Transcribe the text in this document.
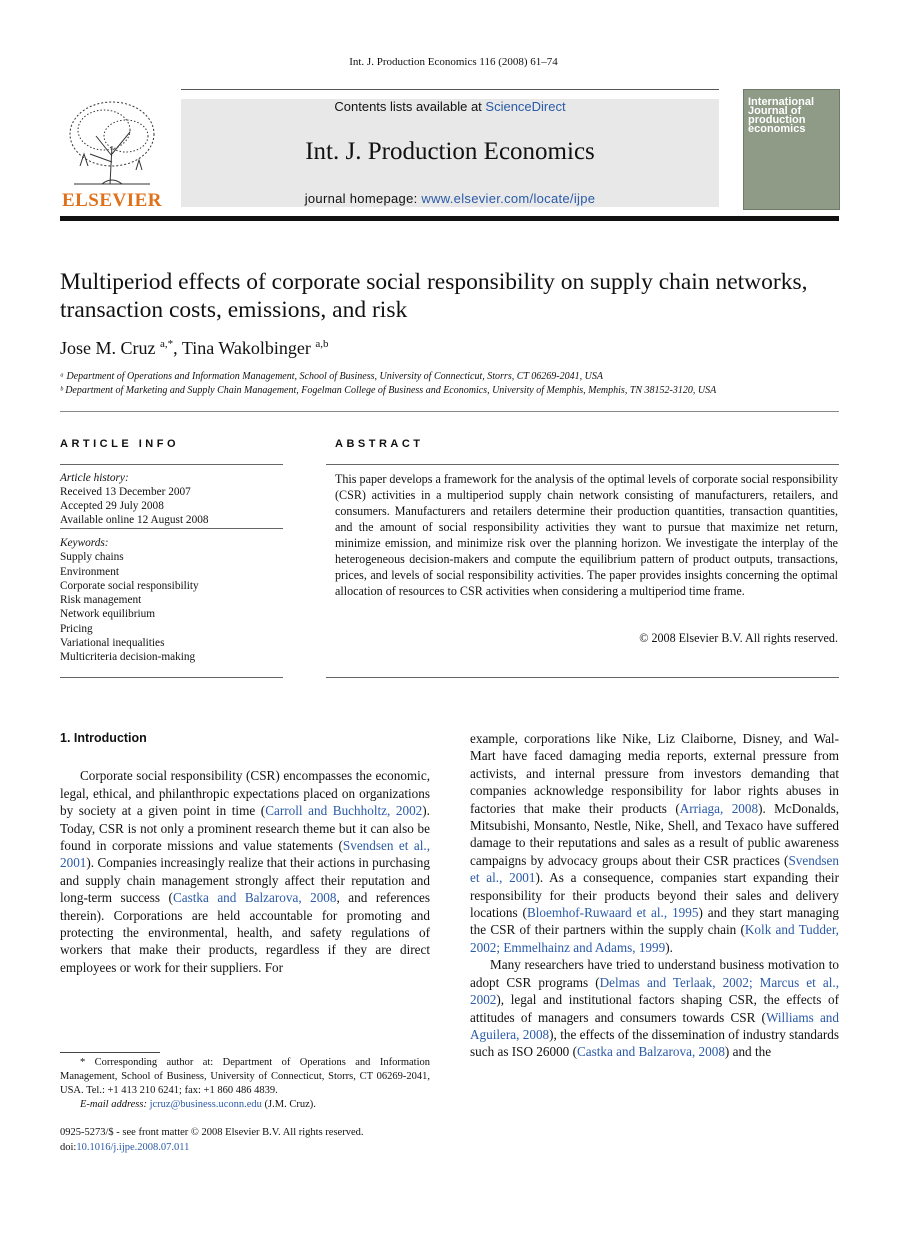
Int. J. Production Economics 116 (2008) 61–74
ELSEVIER
Contents lists available at ScienceDirect
Int. J. Production Economics
journal homepage: www.elsevier.com/locate/ijpe
International Journal of production economics
Multiperiod effects of corporate social responsibility on supply chain networks, transaction costs, emissions, and risk
Jose M. Cruz $^{a,*}$, Tina Wakolbinger $^{a,b}$
ᵃ Department of Operations and Information Management, School of Business, University of Connecticut, Storrs, CT 06269-2041, USA
ᵇ Department of Marketing and Supply Chain Management, Fogelman College of Business and Economics, University of Memphis, Memphis, TN 38152-3120, USA
ARTICLE INFO	ABSTRACT
Article history:
Received 13 December 2007
Accepted 29 July 2008
Available online 12 August 2008
Keywords:
Supply chains
Environment
Corporate social responsibility
Risk management
Network equilibrium
Pricing
Variational inequalities
Multicriteria decision-making
This paper develops a framework for the analysis of the optimal levels of corporate social responsibility (CSR) activities in a multiperiod supply chain network consisting of manufacturers, retailers, and consumers. Manufacturers and retailers determine their production quantities, transaction quantities, and the amount of social responsibility activities they want to pursue that maximize net return, minimize emission, and minimize risk over the planning horizon. We investigate the interplay of the heterogeneous decision-makers and compute the equilibrium pattern of product outputs, transactions, prices, and levels of social responsibility activities. The paper provides insights concerning the optimal allocation of resources to CSR activities when considering a multiperiod time frame.
© 2008 Elsevier B.V. All rights reserved.
1. Introduction

Corporate social responsibility (CSR) encompasses the economic, legal, ethical, and philanthropic expectations placed on organizations by society at a given point in time (Carroll and Buchholtz, 2002). Today, CSR is not only a prominent research theme but it can also be found in corporate missions and value statements (Svendsen et al., 2001). Companies increasingly realize that their actions in purchasing and supply chain management strongly affect their reputation and long-term success (Castka and Balzarova, 2008, and references therein). Corporations are held accountable for promoting and protecting the environmental, health, and safety regulations of workers that make their products, regardless if they are direct employees or work for their suppliers. For

example, corporations like Nike, Liz Claiborne, Disney, and Wal-Mart have faced damaging media reports, external pressure from activists, and internal pressure from investors demanding that companies acknowledge responsibility for labor rights abuses in factories that make their products (Arriaga, 2008). McDonalds, Mitsubishi, Monsanto, Nestle, Nike, Shell, and Texaco have suffered damage to their reputations and sales as a result of public awareness campaigns by advocacy groups about their CSR practices (Svendsen et al., 2001). As a consequence, companies start expanding their responsibility for their products beyond their sales and delivery locations (Bloemhof-Ruwaard et al., 1995) and they start managing the CSR of their partners within the supply chain (Kolk and Tudder, 2002; Emmelhainz and Adams, 1999).

Many researchers have tried to understand business motivation to adopt CSR programs (Delmas and Terlaak, 2002; Marcus et al., 2002), legal and institutional factors shaping CSR, the effects of attitudes of managers and consumers towards CSR (Williams and Aguilera, 2008), the effects of the dissemination of industry standards such as ISO 26000 (Castka and Balzarova, 2008) and the

* Corresponding author at: Department of Operations and Information Management, School of Business, University of Connecticut, Storrs, CT 06269-2041, USA. Tel.: +1 413 210 6241; fax: +1 860 486 4839.
E-mail address: jcruz@business.uconn.edu (J.M. Cruz).
0925-5273/$ - see front matter © 2008 Elsevier B.V. All rights reserved.
doi:10.1016/j.ijpe.2008.07.011
